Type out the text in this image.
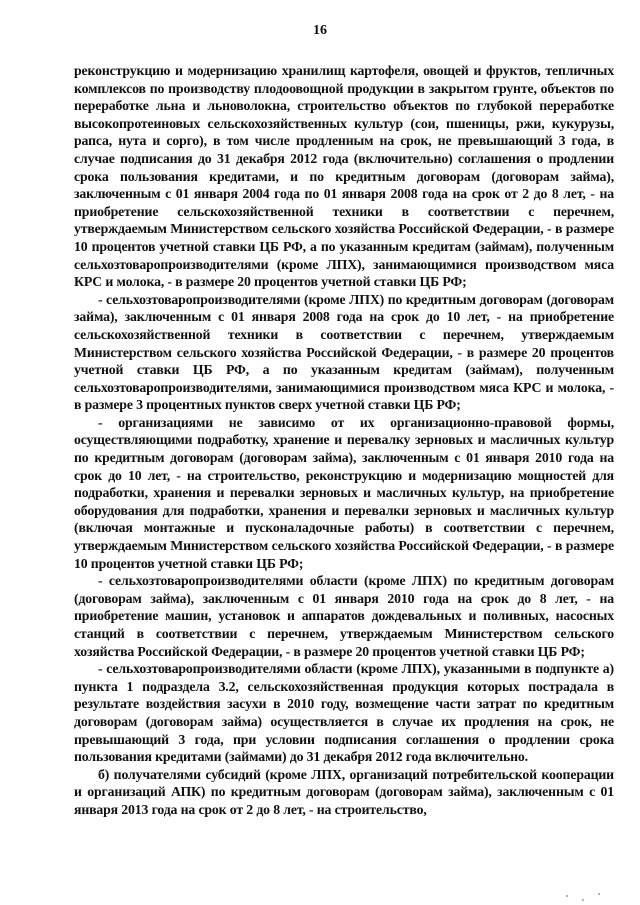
16

реконструкцию и модернизацию хранилищ картофеля, овощей и фруктов, тепличных комплексов по производству плодоовощной продукции в закрытом грунте, объектов по переработке льна и льноволокна, строительство объектов по глубокой переработке высокопротеиновых сельскохозяйственных культур (сои, пшеницы, ржи, кукурузы, рапса, нута и сорго), в том числе продленным на срок, не превышающий 3 года, в случае подписания до 31 декабря 2012 года (включительно) соглашения о продлении срока пользования кредитами, и по кредитным договорам (договорам займа), заключенным с 01 января 2004 года по 01 января 2008 года на срок от 2 до 8 лет, - на приобретение сельскохозяйственной техники в соответствии с перечнем, утверждаемым Министерством сельского хозяйства Российской Федерации, - в размере 10 процентов учетной ставки ЦБ РФ, а по указанным кредитам (займам), полученным сельхозтоваропроизводителями (кроме ЛПХ), занимающимися производством мяса КРС и молока, - в размере 20 процентов учетной ставки ЦБ РФ;

- сельхозтоваропроизводителями (кроме ЛПХ) по кредитным договорам (договорам займа), заключенным с 01 января 2008 года на срок до 10 лет, - на приобретение сельскохозяйственной техники в соответствии с перечнем, утверждаемым Министерством сельского хозяйства Российской Федерации, - в размере 20 процентов учетной ставки ЦБ РФ, а по указанным кредитам (займам), полученным сельхозтоваропроизводителями, занимающимися производством мяса КРС и молока, - в размере 3 процентных пунктов сверх учетной ставки ЦБ РФ;

- организациями не зависимо от их организационно-правовой формы, осуществляющими подработку, хранение и перевалку зерновых и масличных культур по кредитным договорам (договорам займа), заключенным с 01 января 2010 года на срок до 10 лет, - на строительство, реконструкцию и модернизацию мощностей для подработки, хранения и перевалки зерновых и масличных культур, на приобретение оборудования для подработки, хранения и перевалки зерновых и масличных культур (включая монтажные и пусконаладочные работы) в соответствии с перечнем, утверждаемым Министерством сельского хозяйства Российской Федерации, - в размере 10 процентов учетной ставки ЦБ РФ;

- сельхозтоваропроизводителями области (кроме ЛПХ) по кредитным договорам (договорам займа), заключенным с 01 января 2010 года на срок до 8 лет, - на приобретение машин, установок и аппаратов дождевальных и поливных, насосных станций в соответствии с перечнем, утверждаемым Министерством сельского хозяйства Российской Федерации, - в размере 20 процентов учетной ставки ЦБ РФ;

- сельхозтоваропроизводителями области (кроме ЛПХ), указанными в подпункте а) пункта 1 подраздела 3.2, сельскохозяйственная продукция которых пострадала в результате воздействия засухи в 2010 году, возмещение части затрат по кредитным договорам (договорам займа) осуществляется в случае их продления на срок, не превышающий 3 года, при условии подписания соглашения о продлении срока пользования кредитами (займами) до 31 декабря 2012 года включительно.

б) получателями субсидий (кроме ЛПХ, организаций потребительской кооперации и организаций АПК) по кредитным договорам (договорам займа), заключенным с 01 января 2013 года на срок от 2 до 8 лет, - на строительство,
